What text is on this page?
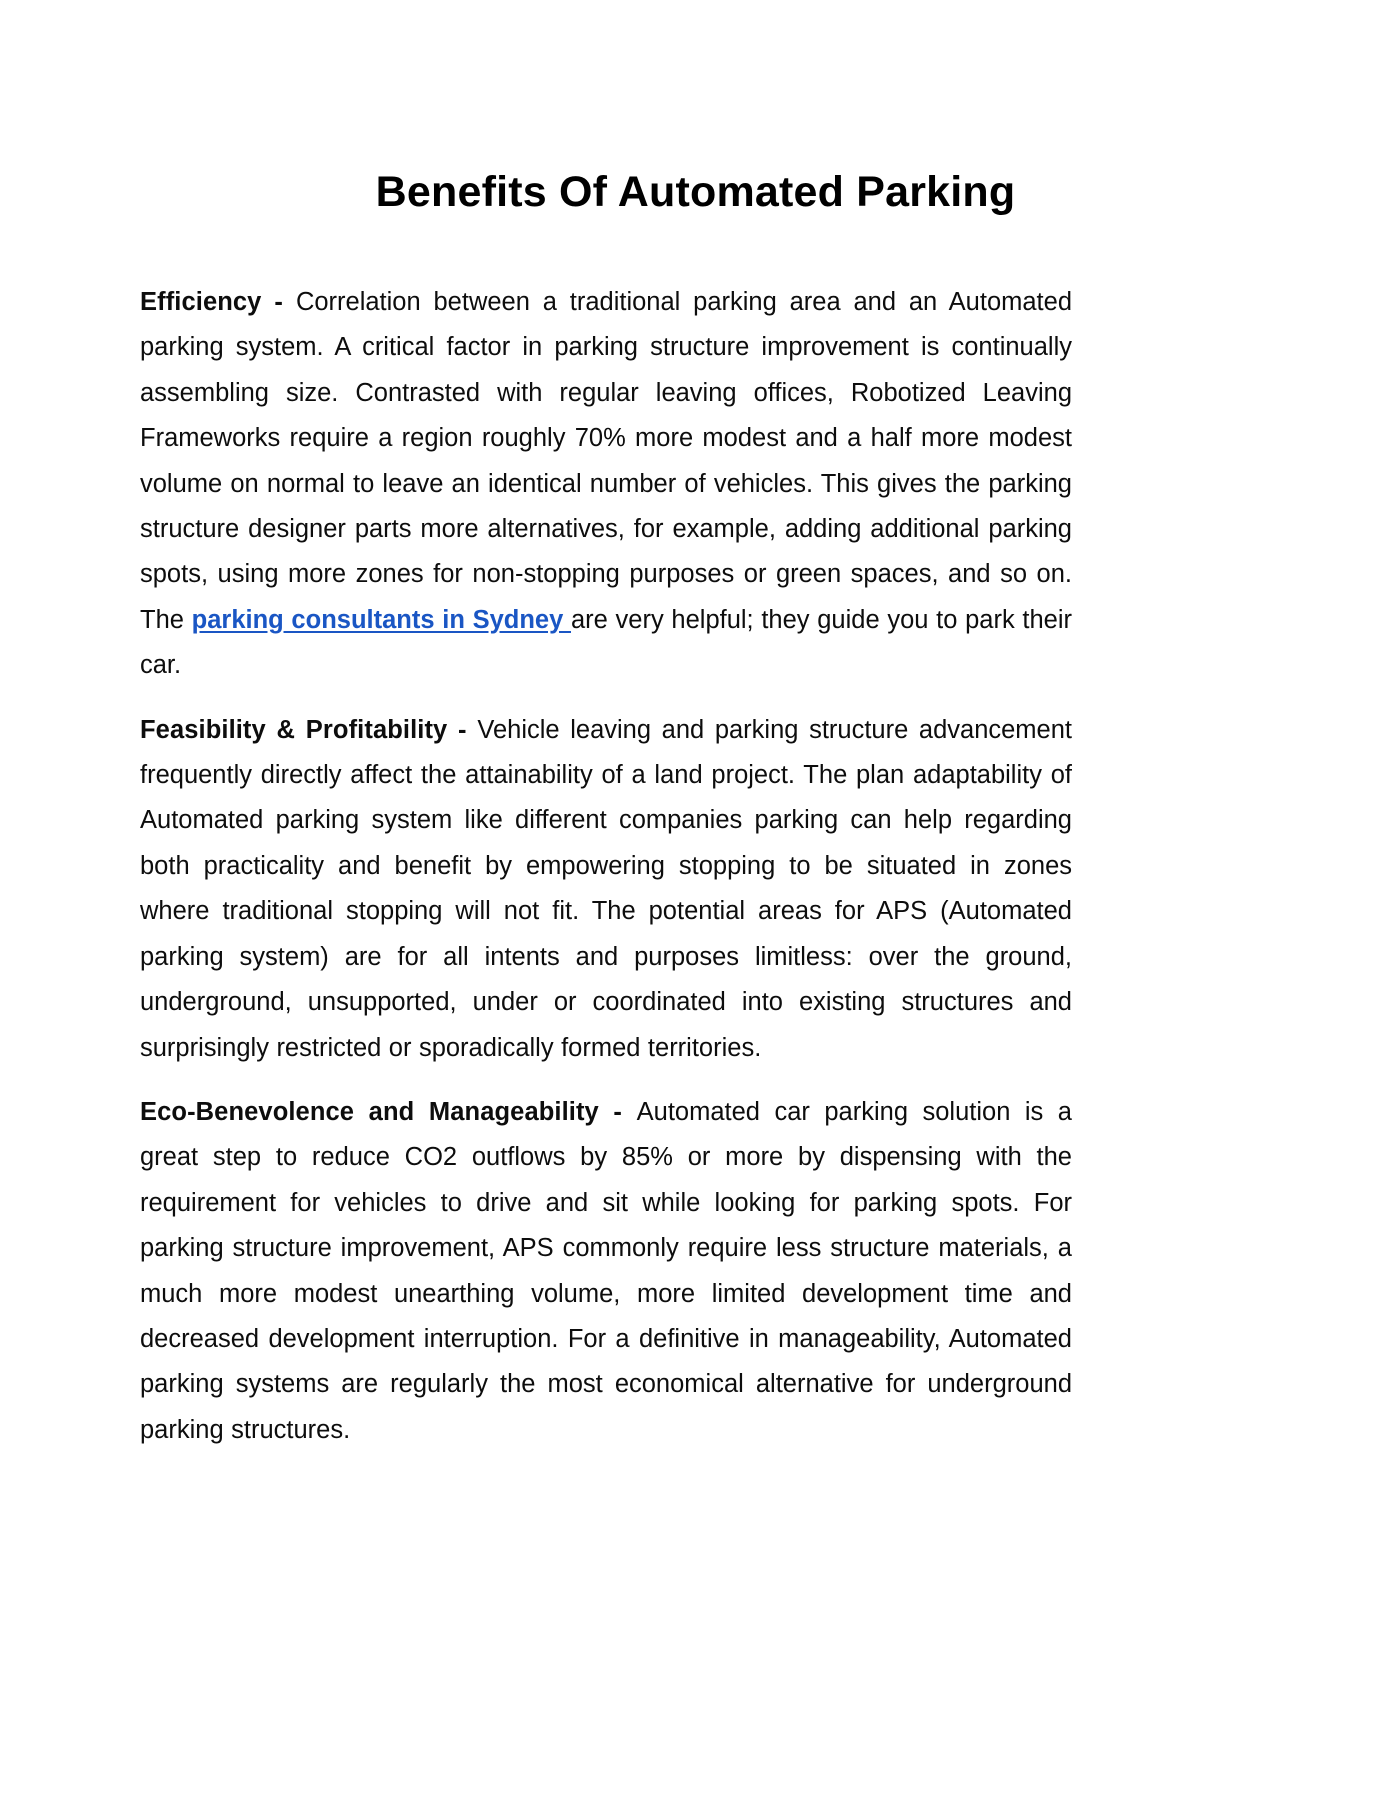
Benefits Of Automated Parking

Efficiency - Correlation between a traditional parking area and an Automated parking system. A critical factor in parking structure improvement is continually assembling size. Contrasted with regular leaving offices, Robotized Leaving Frameworks require a region roughly 70% more modest and a half more modest volume on normal to leave an identical number of vehicles. This gives the parking structure designer parts more alternatives, for example, adding additional parking spots, using more zones for non-stopping purposes or green spaces, and so on. The parking consultants in Sydney are very helpful; they guide you to park their car.

Feasibility & Profitability - Vehicle leaving and parking structure advancement frequently directly affect the attainability of a land project. The plan adaptability of Automated parking system like different companies parking can help regarding both practicality and benefit by empowering stopping to be situated in zones where traditional stopping will not fit. The potential areas for APS (Automated parking system) are for all intents and purposes limitless: over the ground, underground, unsupported, under or coordinated into existing structures and surprisingly restricted or sporadically formed territories.

Eco-Benevolence and Manageability - Automated car parking solution is a great step to reduce CO2 outflows by 85% or more by dispensing with the requirement for vehicles to drive and sit while looking for parking spots. For parking structure improvement, APS commonly require less structure materials, a much more modest unearthing volume, more limited development time and decreased development interruption. For a definitive in manageability, Automated parking systems are regularly the most economical alternative for underground parking structures.
